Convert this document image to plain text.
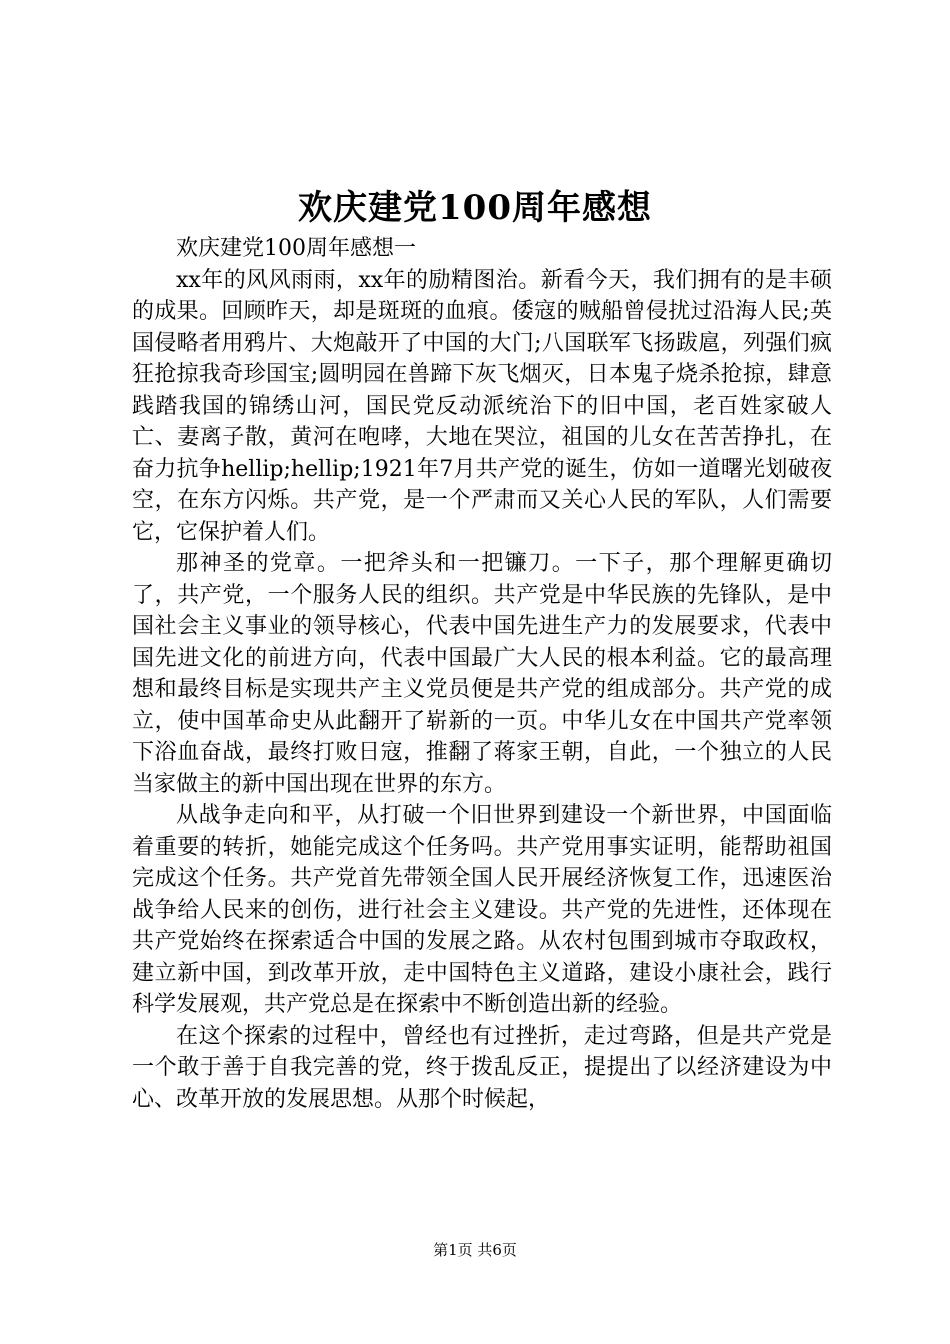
欢庆建党100周年感想

欢庆建党100周年感想一

xx年的风风雨雨，xx年的励精图治。新看今天，我们拥有的是丰硕的成果。回顾昨天，却是斑斑的血痕。倭寇的贼船曾侵扰过沿海人民;英国侵略者用鸦片、大炮敲开了中国的大门;八国联军飞扬跋扈，列强们疯狂抢掠我奇珍国宝;圆明园在兽蹄下灰飞烟灭，日本鬼子烧杀抢掠，肆意践踏我国的锦绣山河，国民党反动派统治下的旧中国，老百姓家破人亡、妻离子散，黄河在咆哮，大地在哭泣，祖国的儿女在苦苦挣扎，在奋力抗争hellip;hellip;1921年7月共产党的诞生，仿如一道曙光划破夜空，在东方闪烁。共产党，是一个严肃而又关心人民的军队，人们需要它，它保护着人们。

那神圣的党章。一把斧头和一把镰刀。一下子，那个理解更确切了，共产党，一个服务人民的组织。共产党是中华民族的先锋队，是中国社会主义事业的领导核心，代表中国先进生产力的发展要求，代表中国先进文化的前进方向，代表中国最广大人民的根本利益。它的最高理想和最终目标是实现共产主义党员便是共产党的组成部分。共产党的成立，使中国革命史从此翻开了崭新的一页。中华儿女在中国共产党率领下浴血奋战，最终打败日寇，推翻了蒋家王朝，自此，一个独立的人民当家做主的新中国出现在世界的东方。

从战争走向和平，从打破一个旧世界到建设一个新世界，中国面临着重要的转折，她能完成这个任务吗。共产党用事实证明，能帮助祖国完成这个任务。共产党首先带领全国人民开展经济恢复工作，迅速医治战争给人民来的创伤，进行社会主义建设。共产党的先进性，还体现在共产党始终在探索适合中国的发展之路。从农村包围到城市夺取政权，建立新中国，到改革开放，走中国特色主义道路，建设小康社会，践行科学发展观，共产党总是在探索中不断创造出新的经验。

在这个探索的过程中，曾经也有过挫折，走过弯路，但是共产党是一个敢于善于自我完善的党，终于拨乱反正，提提出了以经济建设为中心、改革开放的发展思想。从那个时候起，

第1页 共6页
